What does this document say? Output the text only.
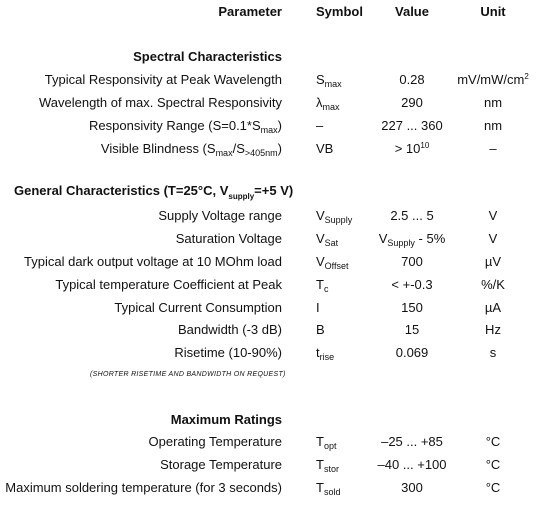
Parameter	Symbol Value	Unit
Spectral Characteristics
Typical Responsivity at Peak Wavelength	$S_{max}$	0.28	$mV/mW/cm^2$
Wavelength of max. Spectral Responsivity	$\lambda_{max}$	290	nm
Responsivity Range $(S=0.1*S_{max})$	–	227 ... 360	nm
Visible Blindness $(S_{max}/S_{>405nm})$	VB	> $10^{10}$	–
General Characteristics (T=25°C, $V_{supply}=+5$ V)
Supply Voltage range	$V_{Supply}$	2.5 ... 5	V
Saturation Voltage	$V_{Sat}$	$V_{Supply} - 5\%$	V
Typical dark output voltage at 10 MOhm load	$V_{Offset}$	700	µV
Typical temperature Coefficient at Peak	$T_c$	< +-0.3	%/K
Typical Current Consumption	I	150	µA
Bandwidth (-3 dB)	B	15	Hz
Risetime (10-90%)	$t_{rise}$	0.069	s
(SHORTER RISETIME AND BANDWIDTH ON REQUEST)
Maximum Ratings
Operating Temperature	$T_{opt}$	–25 ... +85	°C
Storage Temperature	$T_{stor}$	–40 ... +100	°C
Maximum soldering temperature (for 3 seconds)	$T_{sold}$	300	°C
